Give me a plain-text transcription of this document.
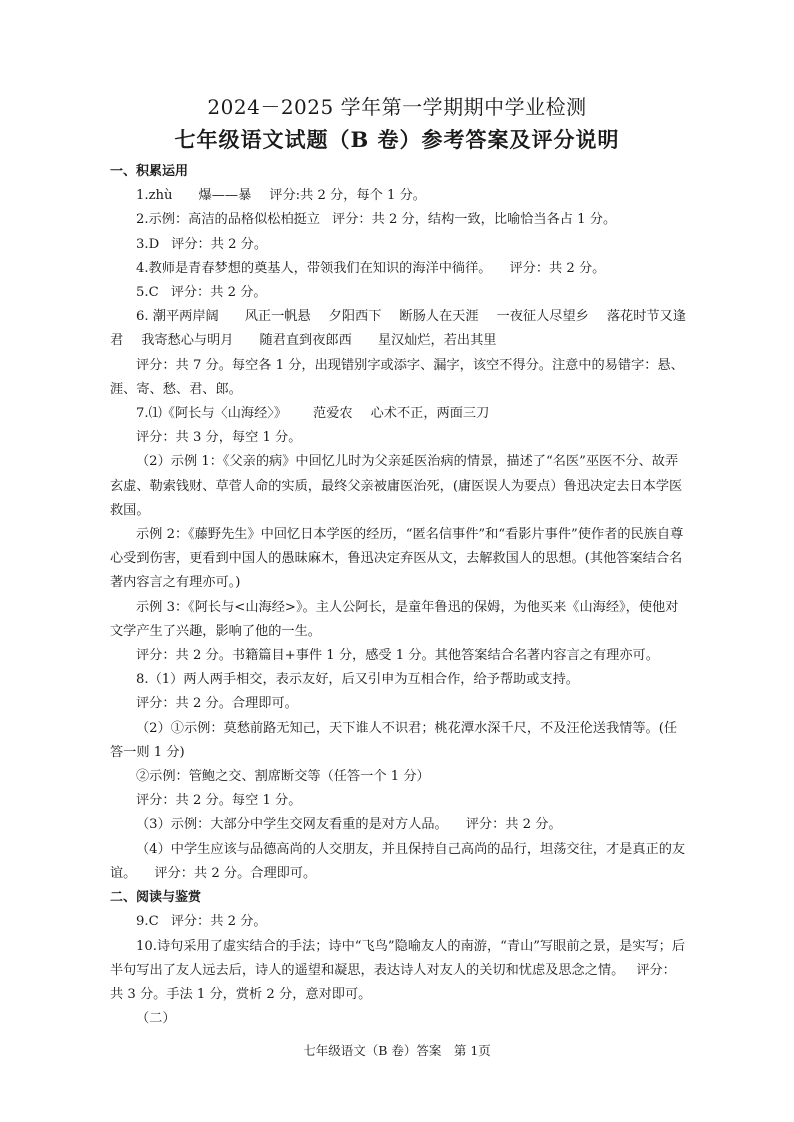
2024－2025 学年第一学期期中学业检测
七年级语文试题（B 卷）参考答案及评分说明

一、积累运用

1.zhù 爆——暴 评分:共 2 分，每个 1 分。

2.示例：高洁的品格似松柏挺立 评分：共 2 分，结构一致，比喻恰当各占 1 分。

3.D 评分：共 2 分。

4.教师是青春梦想的奠基人，带领我们在知识的海洋中徜徉。 评分：共 2 分。

5.C 评分：共 2 分。

6. 潮平两岸阔 风正一帆悬 夕阳西下 断肠人在天涯 一夜征人尽望乡 落花时节又逢君 我寄愁心与明月 随君直到夜郎西 星汉灿烂，若出其里

评分：共 7 分。每空各 1 分，出现错别字或添字、漏字，该空不得分。注意中的易错字：悬、涯、寄、愁、君、郎。

7.⑴《阿长与〈山海经〉》 范爱农 心术不正，两面三刀

评分：共 3 分，每空 1 分。

（2）示例 1：《父亲的病》中回忆儿时为父亲延医治病的情景，描述了“名医”巫医不分、故弄玄虚、勒索钱财、草菅人命的实质，最终父亲被庸医治死，(庸医误人为要点）鲁迅决定去日本学医救国。

示例 2：《藤野先生》中回忆日本学医的经历，“匿名信事件”和“看影片事件”使作者的民族自尊心受到伤害，更看到中国人的愚昧麻木，鲁迅决定弃医从文，去解救国人的思想。(其他答案结合名著内容言之有理亦可。)

示例 3：《阿长与<山海经>》。主人公阿长，是童年鲁迅的保姆，为他买来《山海经》，使他对文学产生了兴趣，影响了他的一生。

评分：共 2 分。书籍篇目+事件 1 分，感受 1 分。其他答案结合名著内容言之有理亦可。

8.（1）两人两手相交，表示友好，后又引申为互相合作，给予帮助或支持。

评分：共 2 分。合理即可。

（2）①示例：莫愁前路无知己，天下谁人不识君；桃花潭水深千尺，不及汪伦送我情等。(任答一则 1 分)

②示例：管鲍之交、割席断交等（任答一个 1 分）

评分：共 2 分。每空 1 分。

（3）示例：大部分中学生交网友看重的是对方人品。 评分：共 2 分。

（4）中学生应该与品德高尚的人交朋友，并且保持自己高尚的品行，坦荡交往，才是真正的友谊。 评分：共 2 分。合理即可。

二、阅读与鉴赏

9.C 评分：共 2 分。

10.诗句采用了虚实结合的手法；诗中“飞鸟”隐喻友人的南游，“青山”写眼前之景，是实写；后半句写出了友人远去后，诗人的遥望和凝思，表达诗人对友人的关切和忧虑及思念之情。 评分：共 3 分。手法 1 分，赏析 2 分，意对即可。

（二）

七年级语文（B 卷）答案　第 1页
